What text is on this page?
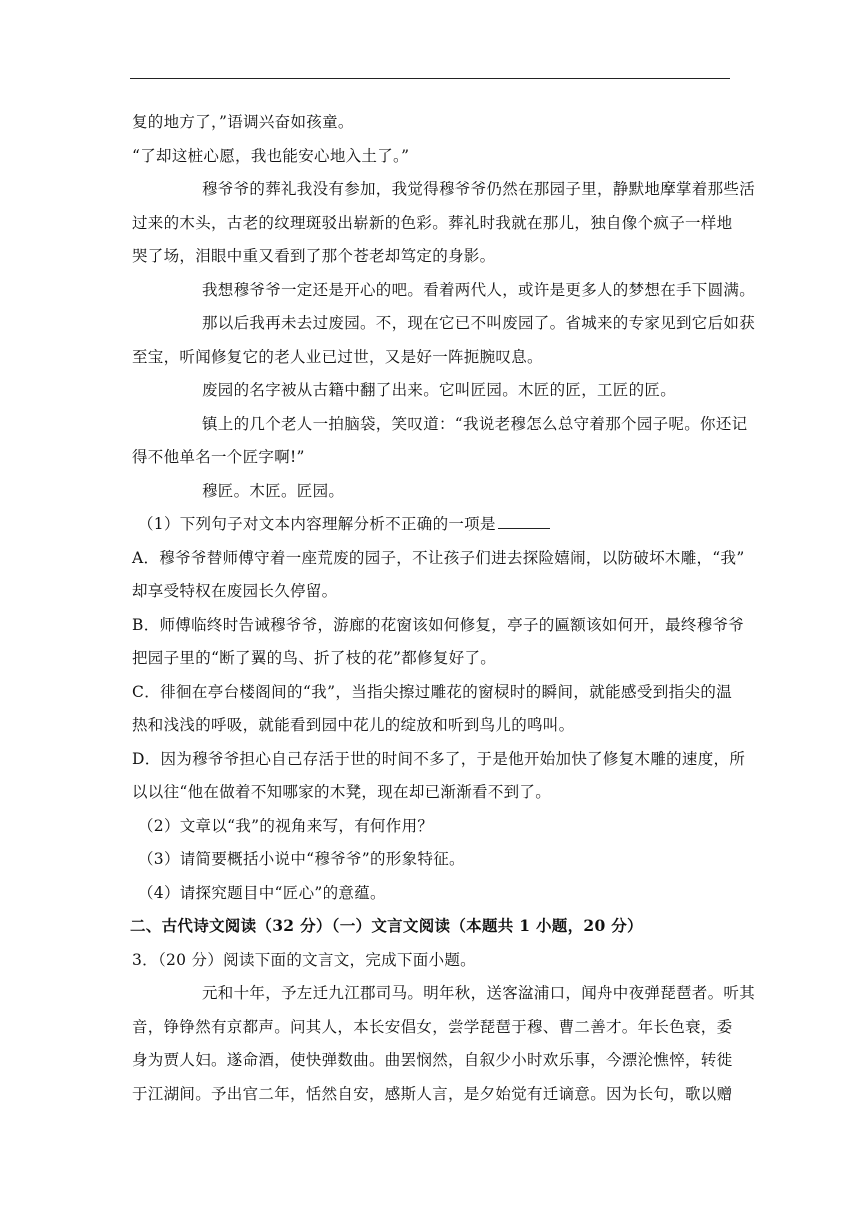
复的地方了，”语调兴奋如孩童。
“了却这桩心愿，我也能安心地入土了。”
穆爷爷的葬礼我没有参加，我觉得穆爷爷仍然在那园子里，静默地摩掌着那些活
过来的木头，古老的纹理斑驳出崭新的色彩。葬礼时我就在那儿，独自像个疯子一样地
哭了场，泪眼中重又看到了那个苍老却笃定的身影。
我想穆爷爷一定还是开心的吧。看着两代人，或许是更多人的梦想在手下圆满。
那以后我再未去过废园。不，现在它已不叫废园了。省城来的专家见到它后如获
至宝，听闻修复它的老人业已过世，又是好一阵扼腕叹息。
废园的名字被从古籍中翻了出来。它叫匠园。木匠的匠，工匠的匠。
镇上的几个老人一拍脑袋，笑叹道：“我说老穆怎么总守着那个园子呢。你还记
得不他单名一个匠字啊!”
穆匠。木匠。匠园。
（1）下列句子对文本内容理解分析不正确的一项是
A．穆爷爷替师傅守着一座荒废的园子，不让孩子们进去探险嬉闹，以防破坏木雕，“我”
却享受特权在废园长久停留。
B．师傅临终时告诫穆爷爷，游廊的花窗该如何修复，亭子的匾额该如何开，最终穆爷爷
把园子里的“断了翼的鸟、折了枝的花”都修复好了。
C．徘徊在亭台楼阁间的“我”，当指尖擦过雕花的窗棂时的瞬间，就能感受到指尖的温
热和浅浅的呼吸，就能看到园中花儿的绽放和听到鸟儿的鸣叫。
D．因为穆爷爷担心自己存活于世的时间不多了，于是他开始加快了修复木雕的速度，所
以以往“他在做着不知哪家的木凳，现在却已渐渐看不到了。
（2）文章以“我”的视角来写，有何作用？
（3）请简要概括小说中“穆爷爷”的形象特征。
（4）请探究题目中“匠心”的意蕴。
二、古代诗文阅读（32 分）（一）文言文阅读（本题共 1 小题，20 分）
3．（20 分）阅读下面的文言文，完成下面小题。
元和十年，予左迁九江郡司马。明年秋，送客湓浦口，闻舟中夜弹琵琶者。听其
音，铮铮然有京都声。问其人，本长安倡女，尝学琵琶于穆、曹二善才。年长色衰，委
身为贾人妇。遂命酒，使快弹数曲。曲罢悯然，自叙少小时欢乐事，今漂沦憔悴，转徙
于江湖间。予出官二年，恬然自安，感斯人言，是夕始觉有迁谪意。因为长句，歌以赠
